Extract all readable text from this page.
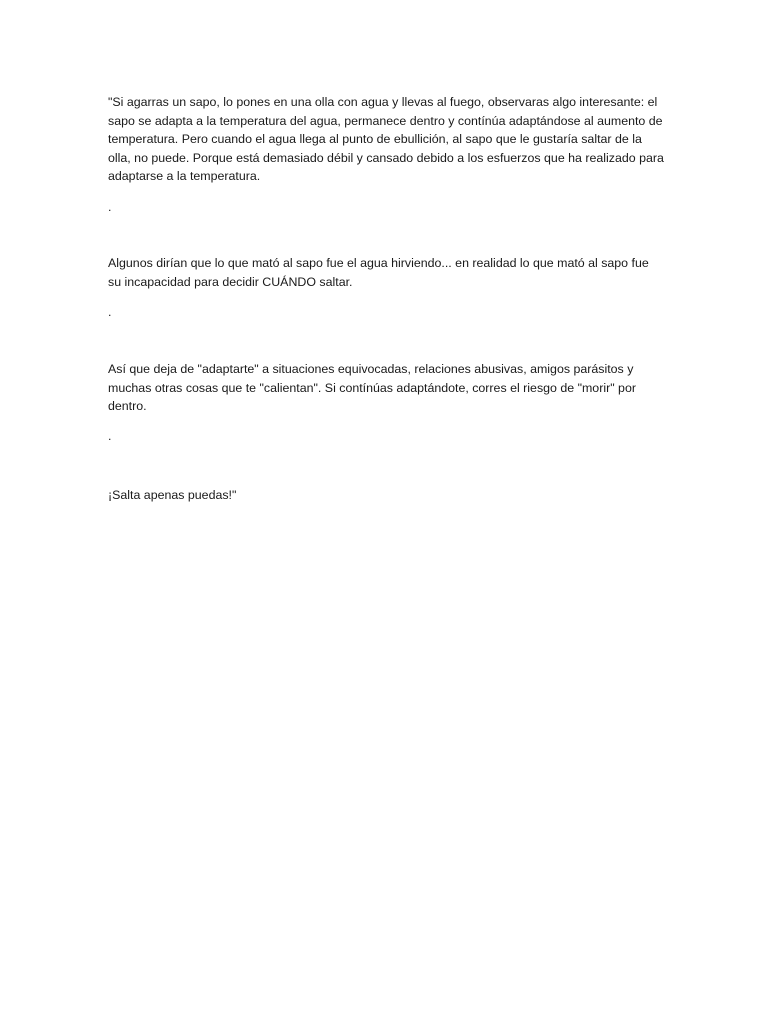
"Si agarras un sapo, lo pones en una olla con agua y llevas al fuego, observaras algo interesante: el sapo se adapta a la temperatura del agua, permanece dentro y contínúa adaptándose al aumento de temperatura. Pero cuando el agua llega al punto de ebullición, al sapo que le gustaría saltar de la olla, no puede. Porque está demasiado débil y cansado debido a los esfuerzos que ha realizado para adaptarse a la temperatura.

.

Algunos dirían que lo que mató al sapo fue el agua hirviendo... en realidad lo que mató al sapo fue su incapacidad para decidir CUÁNDO saltar.

.

Así que deja de "adaptarte" a situaciones equivocadas, relaciones abusivas, amigos parásitos y muchas otras cosas que te "calientan". Si contínúas adaptándote, corres el riesgo de "morir" por dentro.

.

¡Salta apenas puedas!"
